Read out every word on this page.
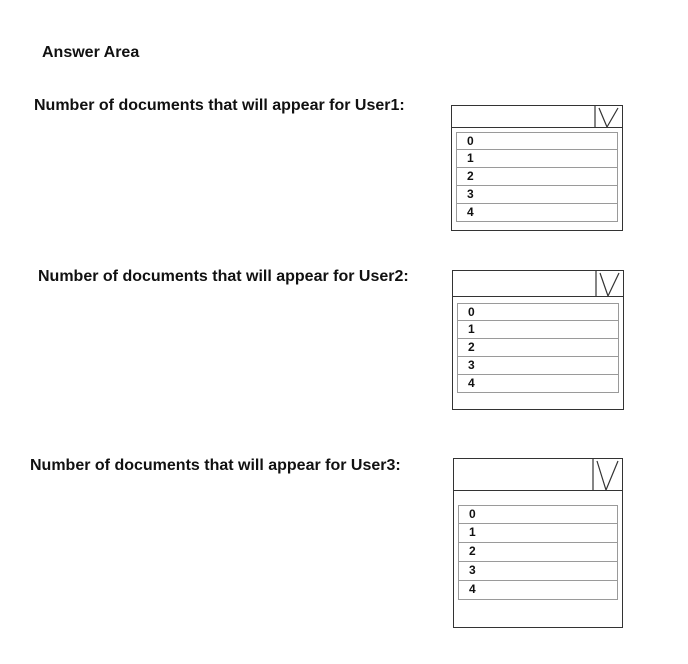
Answer Area
Number of documents that will appear for User1:
0
1
2
3
4
Number of documents that will appear for User2:
0
1
2
3
4
Number of documents that will appear for User3:
0
1
2
3
4
